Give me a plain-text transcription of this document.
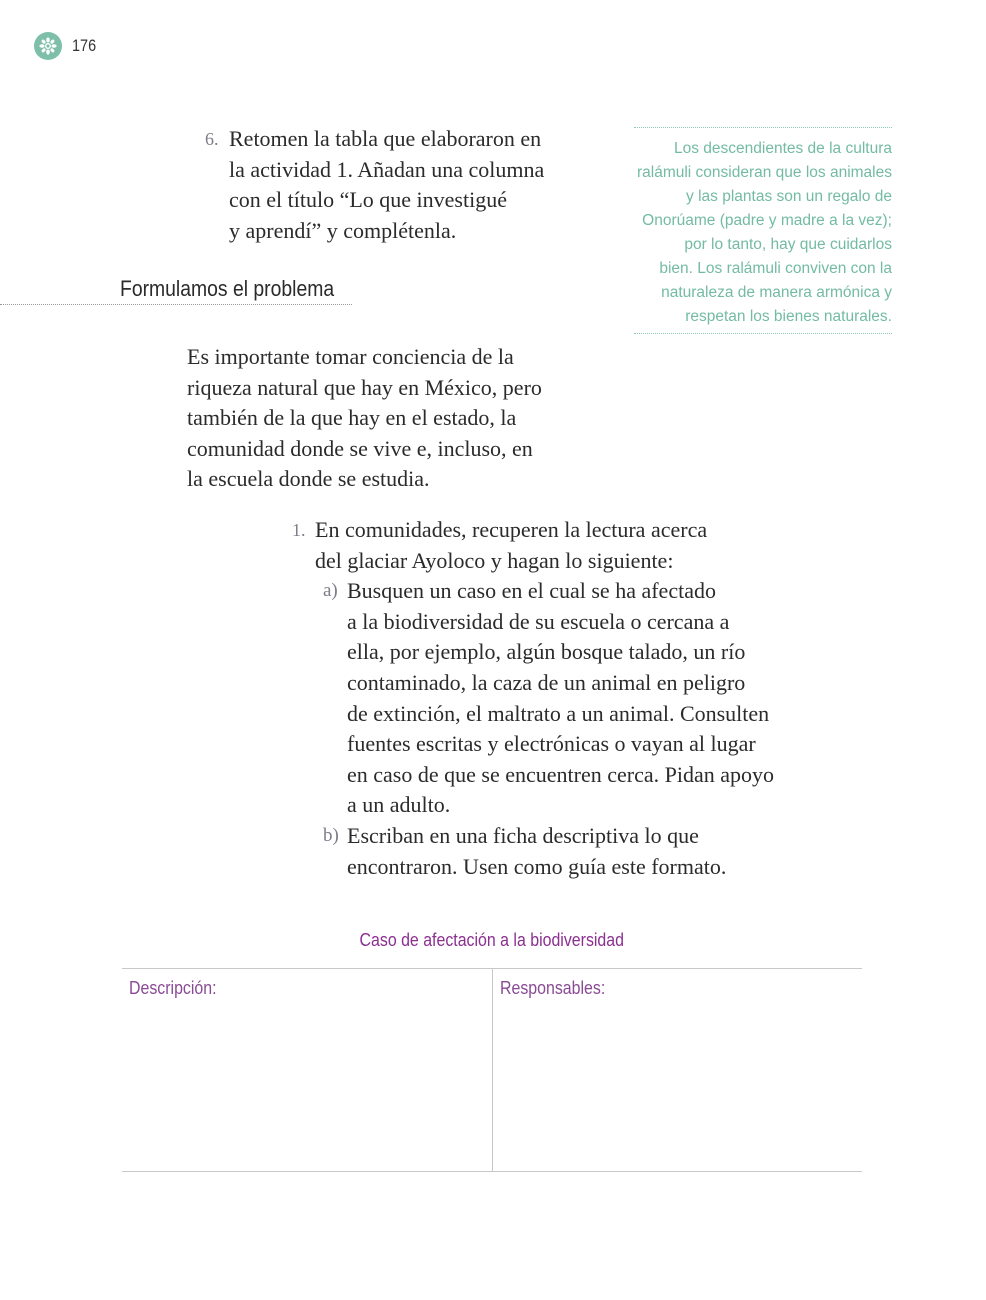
176
6. Retomen la tabla que elaboraron en
la actividad 1. Añadan una columna
con el título “Lo que investigué
y aprendí” y complétenla.
Los descendientes de la cultura
ralámuli consideran que los animales
y las plantas son un regalo de
Onorúame (padre y madre a la vez);
por lo tanto, hay que cuidarlos
bien. Los ralámuli conviven con la
naturaleza de manera armónica y
respetan los bienes naturales.
Formulamos el problema
Es importante tomar conciencia de la
riqueza natural que hay en México, pero
también de la que hay en el estado, la
comunidad donde se vive e, incluso, en
la escuela donde se estudia.
1. En comunidades, recuperen la lectura acerca
del glaciar Ayoloco y hagan lo siguiente:
a) Busquen un caso en el cual se ha afectado
a la biodiversidad de su escuela o cercana a
ella, por ejemplo, algún bosque talado, un río
contaminado, la caza de un animal en peligro
de extinción, el maltrato a un animal. Consulten
fuentes escritas y electrónicas o vayan al lugar
en caso de que se encuentren cerca. Pidan apoyo
a un adulto.
b) Escriban en una ficha descriptiva lo que
encontraron. Usen como guía este formato.
Caso de afectación a la biodiversidad
Descripción:	Responsables:
